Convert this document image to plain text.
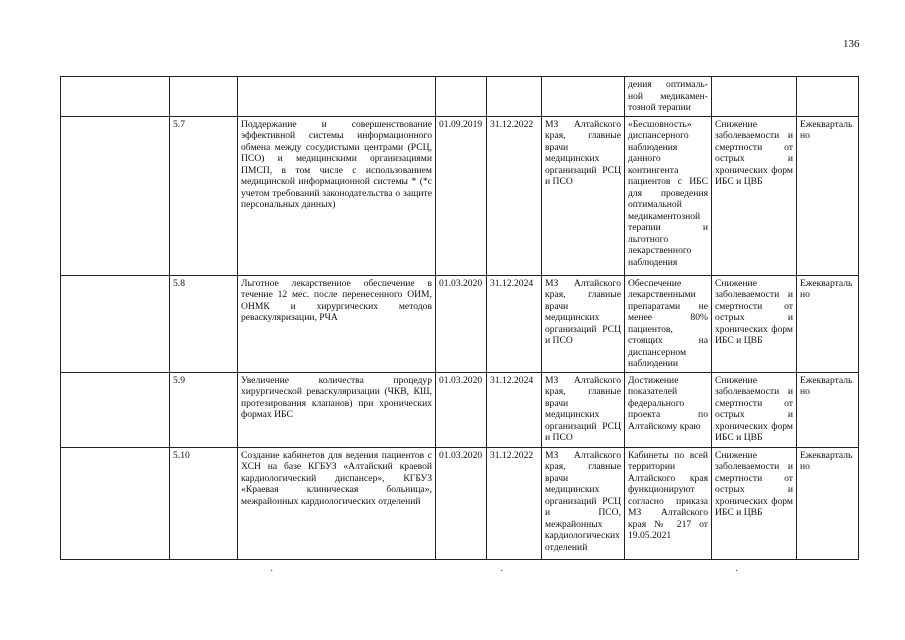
136
						дения оптималь-ной медикамен-тозной терапии		
	5.7	Поддержание и совершенствование эффективной системы информационного обмена между сосудистыми центрами (РСЦ, ПСО) и медицинскими организациями ПМСП, в том числе с использованием медицинской информационной системы * (*с учетом требований законодательства о защите персональных данных)	01.09.2019	31.12.2022	МЗ Алтайского края, главные врачи медицинских организаций РСЦ и ПСО	«Бесшовность» диспансерного наблюдения данного контингента пациентов с ИБС для проведения оптимальной медикаментозной терапии и льготного лекарственного наблюдения	Снижение заболеваемости и смертности от острых и хронических форм ИБС и ЦВБ	Ежеквартально
	5.8	Льготное лекарственное обеспечение в течение 12 мес. после перенесенного ОИМ, ОНМК и хирургических методов реваскуляризации, РЧА	01.03.2020	31.12.2024	МЗ Алтайского края, главные врачи медицинских организаций РСЦ и ПСО	Обеспечение лекарственными препаратами не менее 80% пациентов, стоящих на диспансерном наблюдении	Снижение заболеваемости и смертности от острых и хронических форм ИБС и ЦВБ	Ежеквартально
	5.9	Увеличение количества процедур хирургической реваскуляризации (ЧКВ, КШ, протезирования клапанов) при хронических формах ИБС	01.03.2020	31.12.2024	МЗ Алтайского края, главные врачи медицинских организаций РСЦ и ПСО	Достижение показателей федерального проекта по Алтайскому краю	Снижение заболеваемости и смертности от острых и хронических форм ИБС и ЦВБ	Ежеквартально
	5.10	Создание кабинетов для ведения пациентов с ХСН на базе КГБУЗ «Алтайский краевой кардиологический диспансер», КГБУЗ «Краевая клиническая больница», межрайонных кардиологических отделений	01.03.2020	31.12.2022	МЗ Алтайского края, главные врачи медицинских организаций РСЦ и ПСО, межрайонных кардиологических отделений	Кабинеты по всей территории Алтайского края функционируют согласно приказа МЗ Алтайского края № 217 от 19.05.2021	Снижение заболеваемости и смертности от острых и хронических форм ИБС и ЦВБ	Ежеквартально
·	·	·
